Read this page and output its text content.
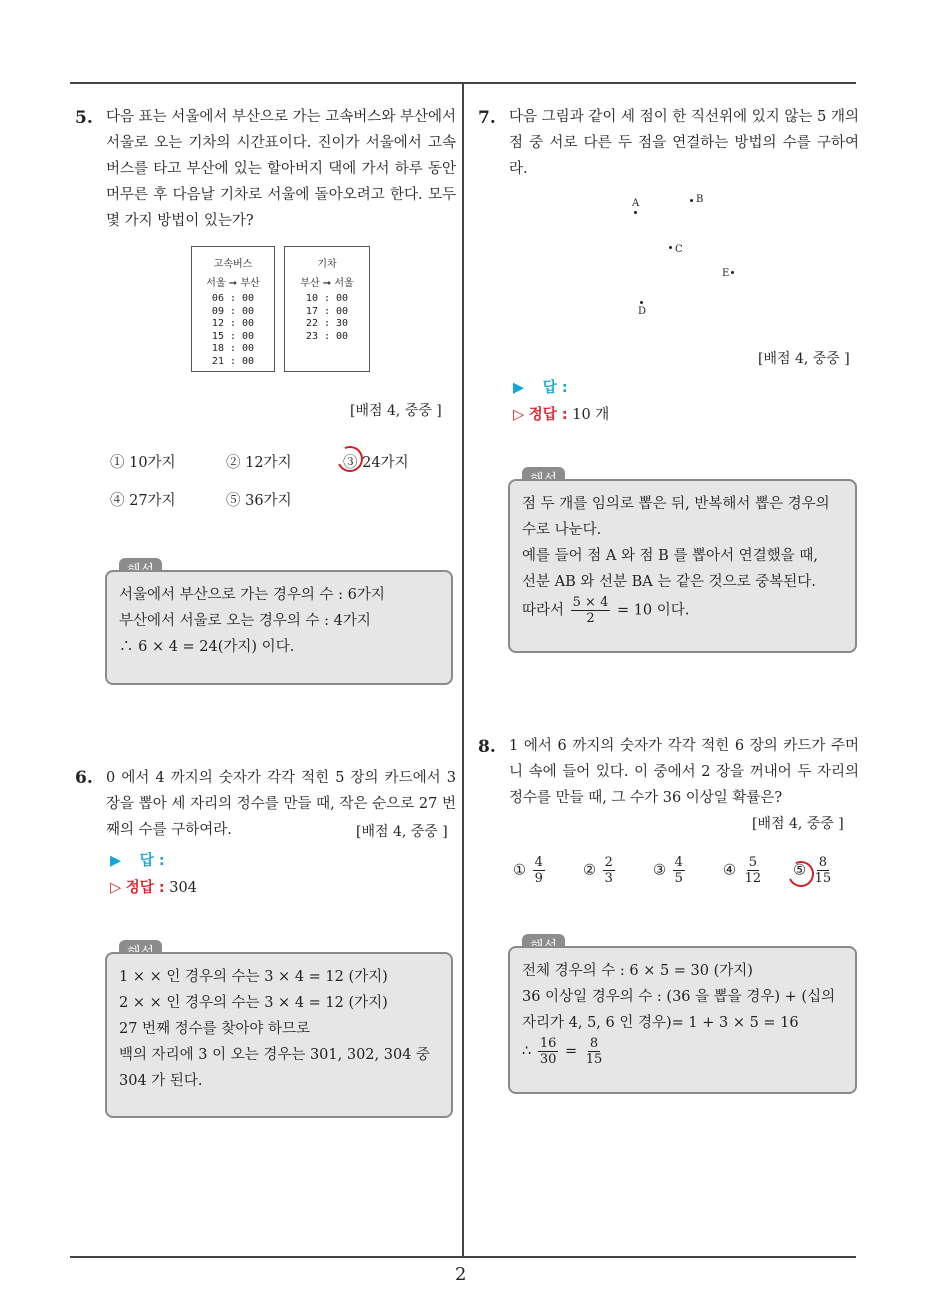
2
5. 다음 표는 서울에서 부산으로 가는 고속버스와 부산에서 서울로 오는 기차의 시간표이다. 진이가 서울에서 고속버스를 타고 부산에 있는 할아버지 댁에 가서 하루 동안 머무른 후 다음날 기차로 서울에 돌아오려고 한다. 모두 몇 가지 방법이 있는가?
고속버스
서울 ➞ 부산
06 : 00
09 : 00
12 : 00
15 : 00
18 : 00
21 : 00
기차
부산 ➞ 서울
10 : 00
17 : 00
22 : 30
23 : 00
[배점 4, 중중 ]
① 10가지	② 12가지	③ 24가지
④ 27가지	⑤ 36가지
서울에서 부산으로 가는 경우의 수 : 6가지
부산에서 서울로 오는 경우의 수 : 4가지
∴ 6 × 4 = 24(가지) 이다.
6. 0 에서 4 까지의 숫자가 각각 적힌 5 장의 카드에서 3 장을 뽑아 세 자리의 정수를 만들 때, 작은 순으로 27 번째의 수를 구하여라.	[배점 4, 중중 ]
▶ 답 :
▷ 정답 : 304
1 × × 인 경우의 수는 3 × 4 = 12 (가지)
2 × × 인 경우의 수는 3 × 4 = 12 (가지)
27 번째 정수를 찾아야 하므로
백의 자리에 3 이 오는 경우는 301, 302, 304 중
304 가 된다.
7. 다음 그림과 같이 세 점이 한 직선위에 있지 않는 5 개의 점 중 서로 다른 두 점을 연결하는 방법의 수를 구하여라.
A	B
C
E
D
[배점 4, 중중 ]
▶ 답 :
▷ 정답 : 10 개
점 두 개를 임의로 뽑은 뒤, 반복해서 뽑은 경우의 수로 나눈다.
예를 들어 점 A 와 점 B 를 뽑아서 연결했을 때,
선분 AB 와 선분 BA 는 같은 것으로 중복된다.
따라서 $\frac{5 \times 4}{2} = 10$ 이다.
8. 1 에서 6 까지의 숫자가 각각 적힌 6 장의 카드가 주머니 속에 들어 있다. 이 중에서 2 장을 꺼내어 두 자리의 정수를 만들 때, 그 수가 36 이상일 확률은?
[배점 4, 중중 ]
① $\frac{4}{9}$	② $\frac{2}{3}$	③ $\frac{4}{5}$	④ $\frac{5}{12}$ ⑤ $\frac{8}{15}$
전체 경우의 수 : 6 × 5 = 30 (가지)
36 이상일 경우의 수 : (36 을 뽑을 경우) + (십의
자리가 4, 5, 6 인 경우)= 1 + 3 × 5 = 16
∴ $\frac{16}{30} = \frac{8}{15}$
